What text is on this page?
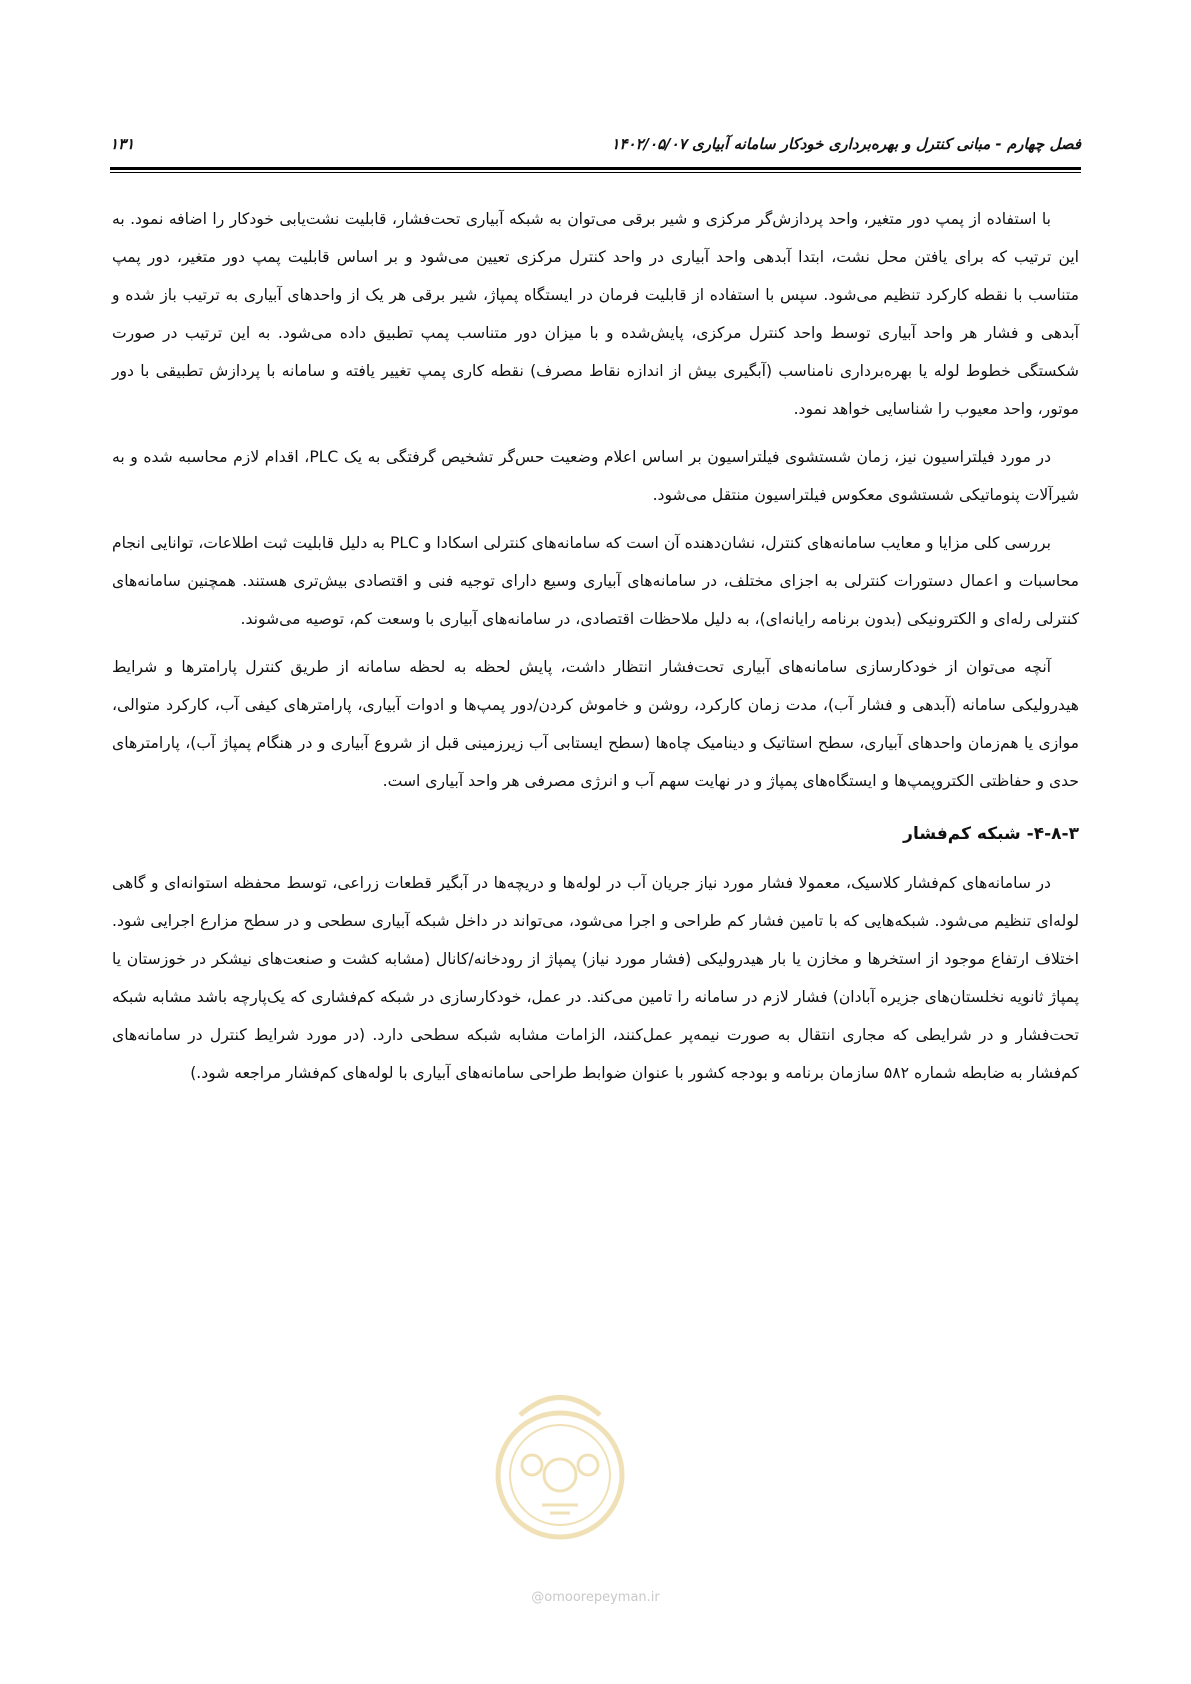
فصل چهارم - مبانی کنترل و بهره‌برداری خودکار سامانه آبیاری ۱۴۰۲/۰۵/۰۷
۱۳۱

با استفاده از پمپ دور متغیر، واحد پردازش‌گر مرکزی و شیر برقی می‌توان به شبکه آبیاری تحت‌فشار، قابلیت نشت‌یابی خودکار را اضافه نمود. به این ترتیب که برای یافتن محل نشت، ابتدا آبدهی واحد آبیاری در واحد کنترل مرکزی تعیین می‌شود و بر اساس قابلیت پمپ دور متغیر، دور پمپ متناسب با نقطه کارکرد تنظیم می‌شود. سپس با استفاده از قابلیت فرمان در ایستگاه پمپاژ، شیر برقی هر یک از واحدهای آبیاری به ترتیب باز شده و آبدهی و فشار هر واحد آبیاری توسط واحد کنترل مرکزی، پایش‌شده و با میزان دور متناسب پمپ تطبیق داده می‌شود. به این ترتیب در صورت شکستگی خطوط لوله یا بهره‌برداری نامناسب (آبگیری بیش از اندازه نقاط مصرف) نقطه کاری پمپ تغییر یافته و سامانه با پردازش تطبیقی با دور موتور، واحد معیوب را شناسایی خواهد نمود.

در مورد فیلتراسیون نیز، زمان شستشوی فیلتراسیون بر اساس اعلام وضعیت حس‌گر تشخیص گرفتگی به یک PLC، اقدام لازم محاسبه شده و به شیرآلات پنوماتیکی شستشوی معکوس فیلتراسیون منتقل می‌شود.

بررسی کلی مزایا و معایب سامانه‌های کنترل، نشان‌دهنده آن است که سامانه‌های کنترلی اسکادا و PLC به دلیل قابلیت ثبت اطلاعات، توانایی انجام محاسبات و اعمال دستورات کنترلی به اجزای مختلف، در سامانه‌های آبیاری وسیع دارای توجیه فنی و اقتصادی بیش‌تری هستند. همچنین سامانه‌های کنترلی رله‌ای و الکترونیکی (بدون برنامه رایانه‌ای)، به دلیل ملاحظات اقتصادی، در سامانه‌های آبیاری با وسعت کم، توصیه می‌شوند.

آنچه می‌توان از خودکارسازی سامانه‌های آبیاری تحت‌فشار انتظار داشت، پایش لحظه به لحظه سامانه از طریق کنترل پارامترها و شرایط هیدرولیکی سامانه (آبدهی و فشار آب)، مدت زمان کارکرد، روشن و خاموش کردن/دور پمپ‌ها و ادوات آبیاری، پارامترهای کیفی آب، کارکرد متوالی، موازی یا هم‌زمان واحدهای آبیاری، سطح استاتیک و دینامیک چاه‌ها (سطح ایستابی آب زیرزمینی قبل از شروع آبیاری و در هنگام پمپاژ آب)، پارامترهای حدی و حفاظتی الکتروپمپ‌ها و ایستگاه‌های پمپاژ و در نهایت سهم آب و انرژی مصرفی هر واحد آبیاری است.

۴-۸-۳- شبکه کم‌فشار

در سامانه‌های کم‌فشار کلاسیک، معمولا فشار مورد نیاز جریان آب در لوله‌ها و دریچه‌ها در آبگیر قطعات زراعی، توسط محفظه استوانه‌ای و گاهی لوله‌ای تنظیم می‌شود. شبکه‌هایی که با تامین فشار کم طراحی و اجرا می‌شود، می‌تواند در داخل شبکه آبیاری سطحی و در سطح مزارع اجرایی شود. اختلاف ارتفاع موجود از استخرها و مخازن یا بار هیدرولیکی (فشار مورد نیاز) پمپاژ از رودخانه/کانال (مشابه کشت و صنعت‌های نیشکر در خوزستان یا پمپاژ ثانویه نخلستان‌های جزیره آبادان) فشار لازم در سامانه را تامین می‌کند. در عمل، خودکارسازی در شبکه کم‌فشاری که یک‌پارچه باشد مشابه شبکه تحت‌فشار و در شرایطی که مجاری انتقال به صورت نیمه‌پر عمل‌کنند، الزامات مشابه شبکه سطحی دارد. (در مورد شرایط کنترل در سامانه‌های کم‌فشار به ضابطه شماره ۵۸۲ سازمان برنامه و بودجه کشور با عنوان ضوابط طراحی سامانه‌های آبیاری با لوله‌های کم‌فشار مراجعه شود.)

@omoorepeyman.ir
